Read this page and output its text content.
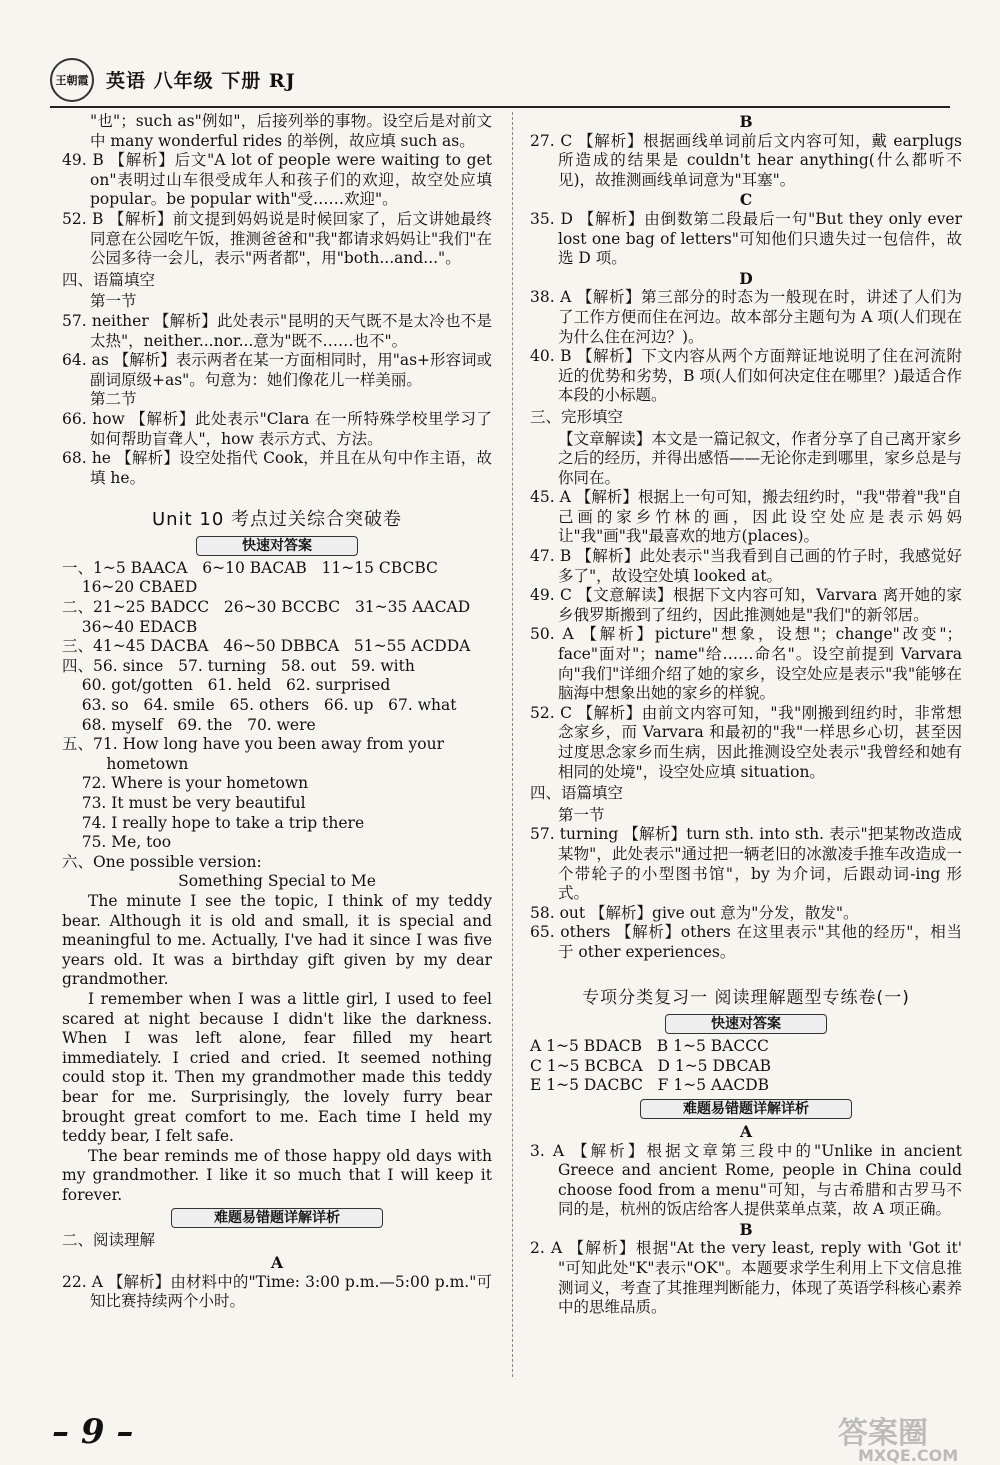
王朝霞 英语 八年级 下册 RJ
"也"；such as"例如"，后接列举的事物。设空后是对前文中 many wonderful rides 的举例，故应填 such as。
49. B 【解析】后文"A lot of people were waiting to get on"表明过山车很受成年人和孩子们的欢迎，故空处应填 popular。be popular with"受……欢迎"。
52. B 【解析】前文提到妈妈说是时候回家了，后文讲她最终同意在公园吃午饭，推测爸爸和"我"都请求妈妈让"我们"在公园多待一会儿，表示"两者都"，用"both...and..."。
四、语篇填空
第一节
57. neither 【解析】此处表示"昆明的天气既不是太冷也不是太热"，neither...nor...意为"既不……也不"。
64. as 【解析】表示两者在某一方面相同时，用"as+形容词或副词原级+as"。句意为：她们像花儿一样美丽。
第二节
66. how 【解析】此处表示"Clara 在一所特殊学校里学习了如何帮助盲聋人"，how 表示方式、方法。
68. he 【解析】设空处指代 Cook，并且在从句中作主语，故填 he。
Unit 10 考点过关综合突破卷
快速对答案
一、1~5 BAACA   6~10 BACAB   11~15 CBCBC
16~20 CBAED
二、21~25 BADCC   26~30 BCCBC   31~35 AACAD
36~40 EDACB
三、41~45 DACBA   46~50 DBBCA   51~55 ACDDA
四、56. since   57. turning   58. out   59. with
60. got/gotten   61. held   62. surprised
63. so   64. smile   65. others   66. up   67. what
68. myself   69. the   70. were
五、71. How long have you been away from your
hometown
72. Where is your hometown
73. It must be very beautiful
74. I really hope to take a trip there
75. Me, too
六、One possible version:
Something Special to Me

The minute I see the topic, I think of my teddy bear. Although it is old and small, it is special and meaningful to me. Actually, I've had it since I was five years old. It was a birthday gift given by my dear grandmother.

I remember when I was a little girl, I used to feel scared at night because I didn't like the darkness. When I was left alone, fear filled my heart immediately. I cried and cried. It seemed nothing could stop it. Then my grandmother made this teddy bear for me. Surprisingly, the lovely furry bear brought great comfort to me. Each time I held my teddy bear, I felt safe.

The bear reminds me of those happy old days with my grandmother. I like it so much that I will keep it forever.

难题易错题详解详析
二、阅读理解
A
22. A 【解析】由材料中的"Time: 3:00 p.m.—5:00 p.m."可知比赛持续两个小时。
B
27. C 【解析】根据画线单词前后文内容可知，戴 earplugs 所造成的结果是 couldn't hear anything(什么都听不见)，故推测画线单词意为"耳塞"。
C
35. D 【解析】由倒数第二段最后一句"But they only ever lost one bag of letters"可知他们只遗失过一包信件，故选 D 项。
D
38. A 【解析】第三部分的时态为一般现在时，讲述了人们为了工作方便而住在河边。故本部分主题句为 A 项(人们现在为什么住在河边？)。
40. B 【解析】下文内容从两个方面辩证地说明了住在河流附近的优势和劣势，B 项(人们如何决定住在哪里？)最适合作本段的小标题。
三、完形填空
【文章解读】本文是一篇记叙文，作者分享了自己离开家乡之后的经历，并得出感悟——无论你走到哪里，家乡总是与你同在。
45. A 【解析】根据上一句可知，搬去纽约时，"我"带着"我"自己画的家乡竹林的画，因此设空处应是表示妈妈让"我"画"我"最喜欢的地方(places)。
47. B 【解析】此处表示"当我看到自己画的竹子时，我感觉好多了"，故设空处填 looked at。
49. C 【文意解读】根据下文内容可知，Varvara 离开她的家乡俄罗斯搬到了纽约，因此推测她是"我们"的新邻居。
50. A 【解析】picture"想象，设想"；change"改变"；face"面对"；name"给……命名"。设空前提到 Varvara 向"我们"详细介绍了她的家乡，设空处应是表示"我"能够在脑海中想象出她的家乡的样貌。
52. C 【解析】由前文内容可知，"我"刚搬到纽约时，非常想念家乡，而 Varvara 和最初的"我"一样思乡心切，甚至因过度思念家乡而生病，因此推测设空处表示"我曾经和她有相同的处境"，设空处应填 situation。
四、语篇填空
第一节
57. turning 【解析】turn sth. into sth. 表示"把某物改造成某物"，此处表示"通过把一辆老旧的冰激凌手推车改造成一个带轮子的小型图书馆"，by 为介词，后跟动词-ing 形式。
58. out 【解析】give out 意为"分发，散发"。
65. others 【解析】others 在这里表示"其他的经历"，相当于 other experiences。
专项分类复习一 阅读理解题型专练卷(一)
快速对答案
A 1~5 BDACB   B 1~5 BACCC
C 1~5 BCBCA   D 1~5 DBCAB
E 1~5 DACBC   F 1~5 AACDB
难题易错题详解详析
A
3. A 【解析】根据文章第三段中的"Unlike in ancient Greece and ancient Rome, people in China could choose food from a menu"可知，与古希腊和古罗马不同的是，杭州的饭店给客人提供菜单点菜，故 A 项正确。
B
2. A 【解析】根据"At the very least, reply with 'Got it' "可知此处"K"表示"OK"。本题要求学生利用上下文信息推测词义，考查了其推理判断能力，体现了英语学科核心素养中的思维品质。
– 9 –	答案圈
MXQE.COM
